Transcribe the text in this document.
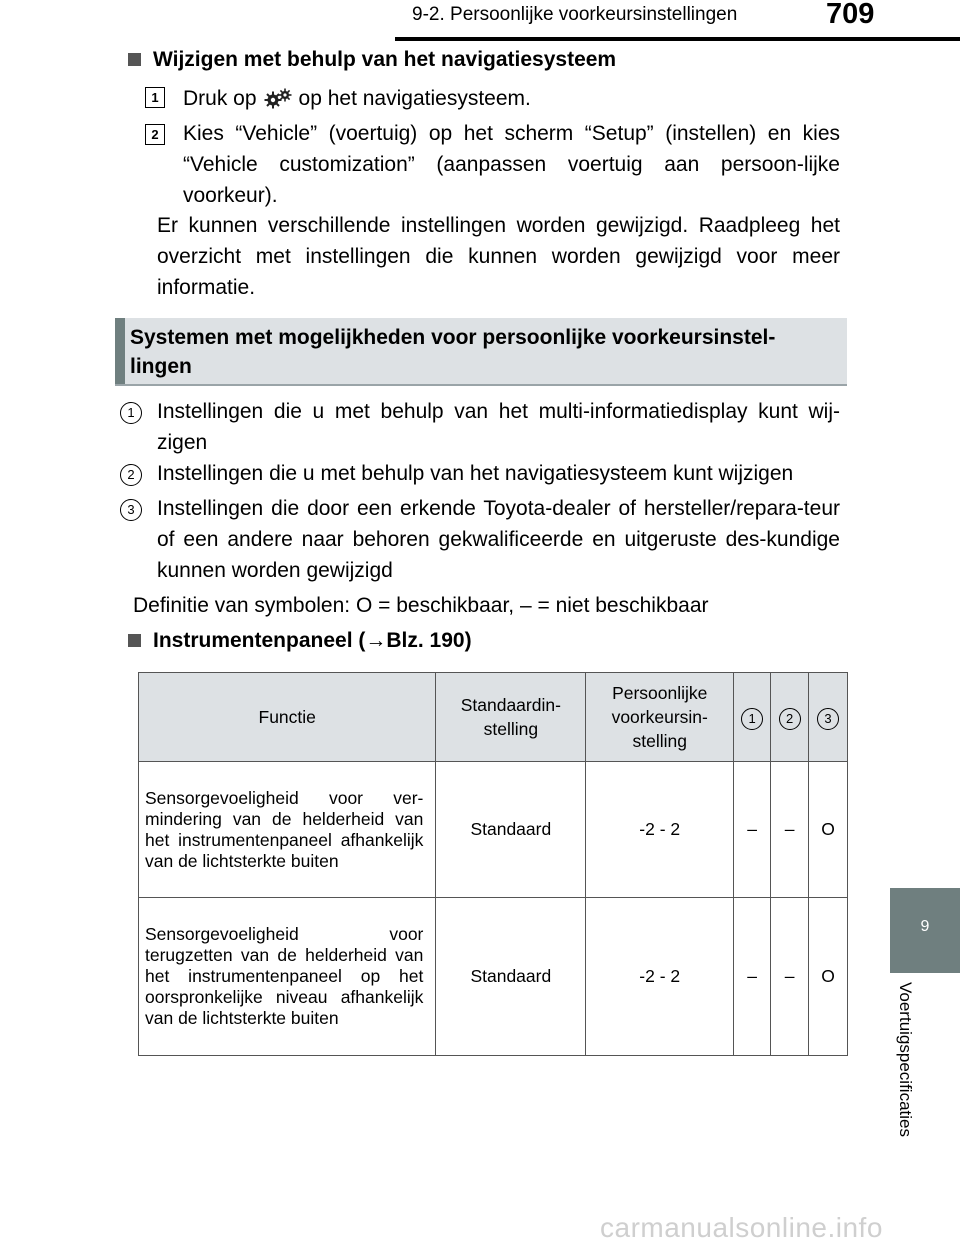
9-2. Persoonlijke voorkeursinstellingen	709
9
Voertuigspecificaties
Wijzigen met behulp van het navigatiesysteem
1	Druk op op het navigatiesysteem.
2	Kies “Vehicle” (voertuig) op het scherm “Setup” (instellen) en kies “Vehicle customization” (aanpassen voertuig aan persoon-lijke voorkeur).
Er kunnen verschillende instellingen worden gewijzigd. Raadpleeg het overzicht met instellingen die kunnen worden gewijzigd voor meer informatie.
Systemen met mogelijkheden voor persoonlijke voorkeursinstel-lingen
1	Instellingen die u met behulp van het multi-informatiedisplay kunt wij-zigen
2	Instellingen die u met behulp van het navigatiesysteem kunt wijzigen
3	Instellingen die door een erkende Toyota-dealer of hersteller/repara-teur of een andere naar behoren gekwalificeerde en uitgeruste des-kundige kunnen worden gewijzigd
Definitie van symbolen: O = beschikbaar, – = niet beschikbaar
Instrumentenpaneel (→Blz. 190)
Functie	Standaardin-stelling	Persoonlijke voorkeursin-stelling	1	2	3
Sensorgevoeligheid voor ver-mindering van de helderheid van het instrumentenpaneel afhankelijk van de lichtsterkte buiten	Standaard	-2 - 2	–	–	O
Sensorgevoeligheid voor terugzetten van de helderheid van het instrumentenpaneel op het oorspronkelijke niveau afhankelijk van de lichtsterkte buiten	Standaard	-2 - 2	–	–	O
carmanualsonline.info
